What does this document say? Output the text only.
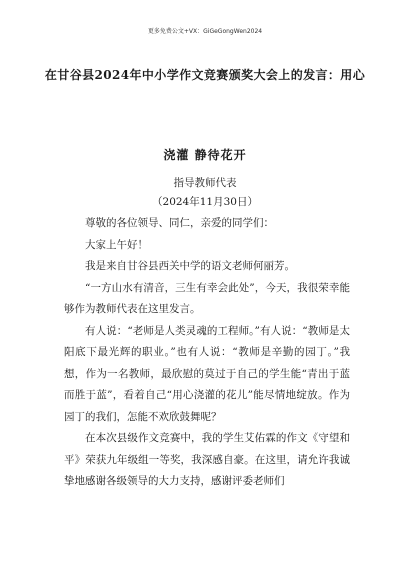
更多免费公文+VX：GiGeGongWen2024
在甘谷县2024年中小学作文竞赛颁奖大会上的发言：用心
浇灌 静待花开
指导教师代表
（2024年11月30日）

尊敬的各位领导、同仁，亲爱的同学们：

大家上午好！

我是来自甘谷县西关中学的语文老师何丽芳。

“一方山水有清音，三生有幸会此处”，今天，我很荣幸能够作为教师代表在这里发言。

有人说：“老师是人类灵魂的工程师。”有人说：“教师是太阳底下最光辉的职业。”也有人说：“教师是辛勤的园丁。”我想，作为一名教师，最欣慰的莫过于自己的学生能“青出于蓝而胜于蓝”，看着自己“用心浇灌的花儿”能尽情地绽放。作为园丁的我们，怎能不欢欣鼓舞呢？

在本次县级作文竞赛中，我的学生艾佑霖的作文《守望和平》荣获九年级组一等奖，我深感自豪。在这里，请允许我诚挚地感谢各级领导的大力支持，感谢评委老师们
